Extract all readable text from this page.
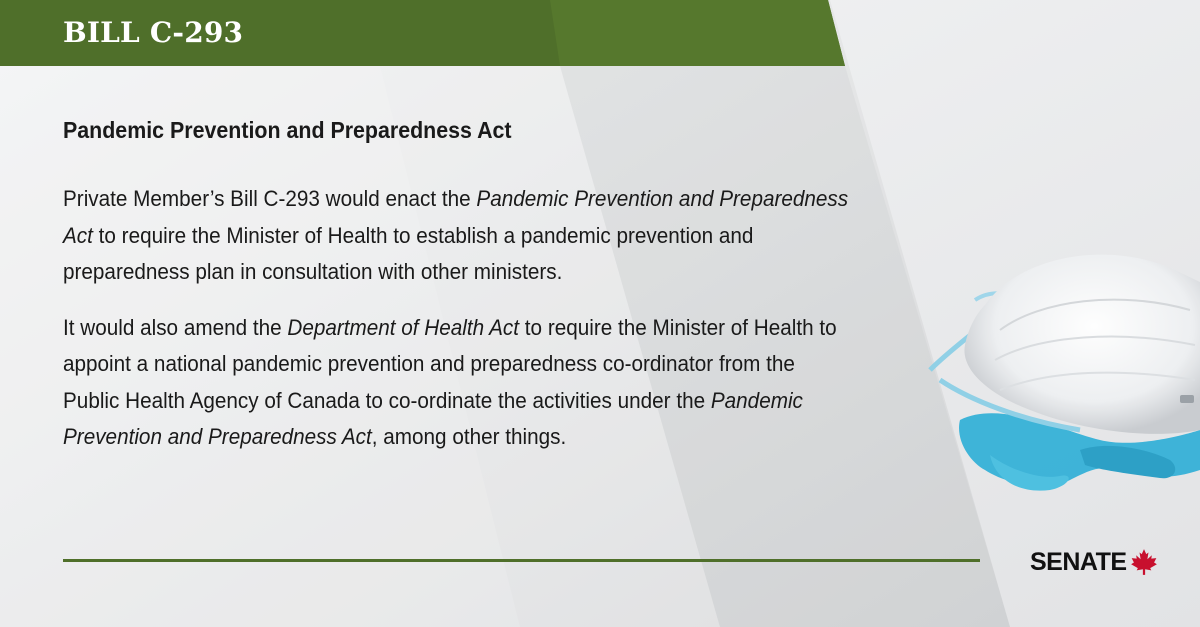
BILL C-293
Pandemic Prevention and Preparedness Act

Private Member’s Bill C-293 would enact the Pandemic Prevention and Preparedness Act to require the Minister of Health to establish a pandemic prevention and preparedness plan in consultation with other ministers.

It would also amend the Department of Health Act to require the Minister of Health to appoint a national pandemic prevention and preparedness co-ordinator from the Public Health Agency of Canada to co-ordinate the activities under the Pandemic Prevention and Preparedness Act, among other things.

SENATE
